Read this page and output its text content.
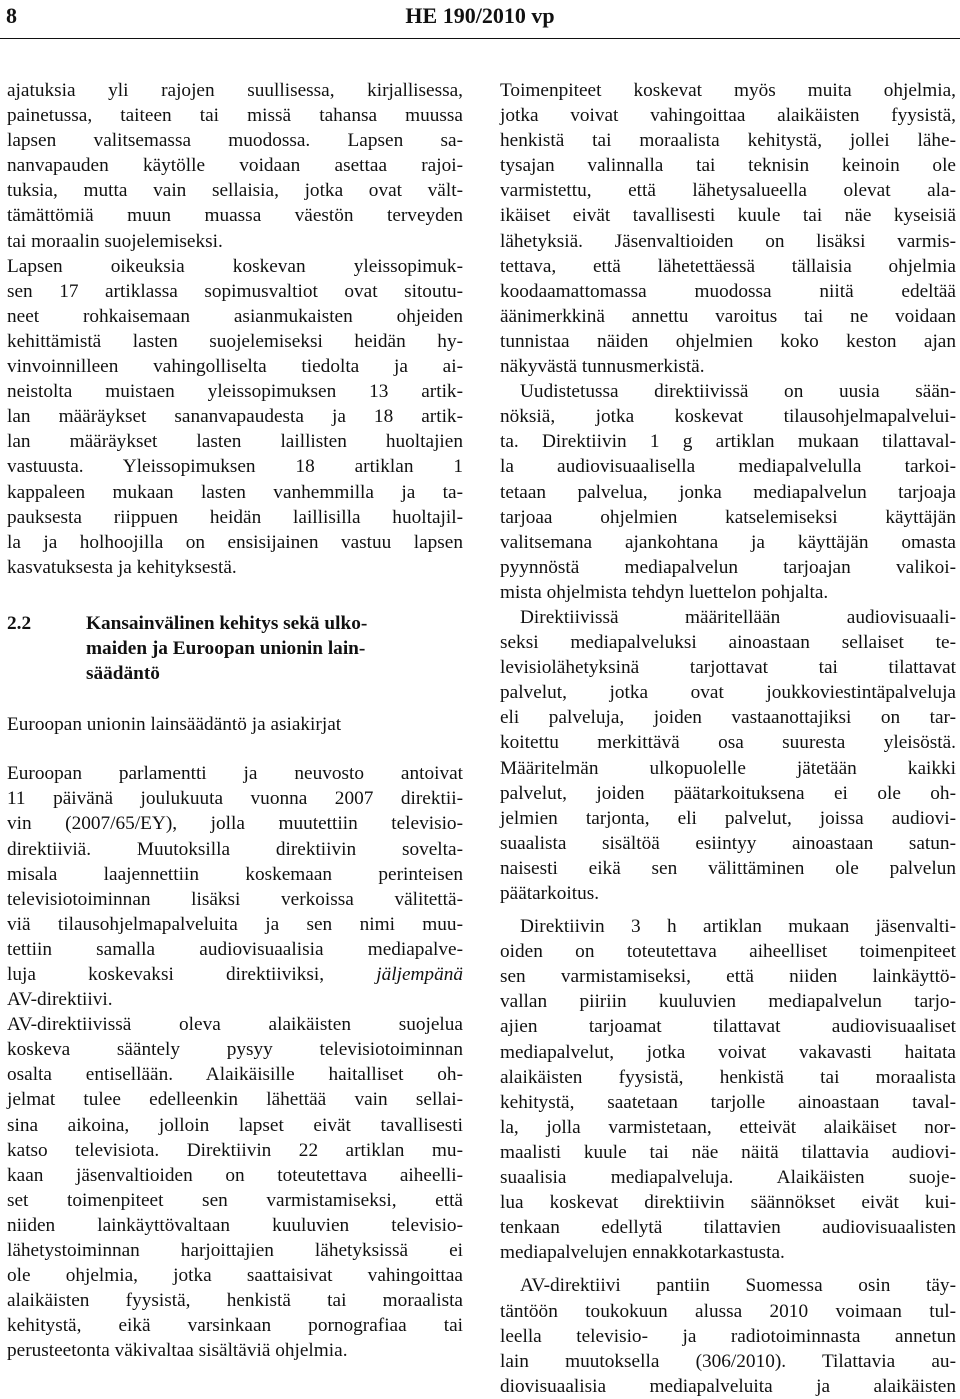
8	HE 190/2010 vp

ajatuksia yli rajojen suullisessa, kirjallisessa,
painetussa, taiteen tai missä tahansa muussa
lapsen valitsemassa muodossa. Lapsen sa-
nanvapauden käytölle voidaan asettaa rajoi-
tuksia, mutta vain sellaisia, jotka ovat vält-
tämättömiä muun muassa väestön terveyden
tai moraalin suojelemiseksi.

Lapsen oikeuksia koskevan yleissopimuk-
sen 17 artiklassa sopimusvaltiot ovat sitoutu-
neet rohkaisemaan asianmukaisten ohjeiden
kehittämistä lasten suojelemiseksi heidän hy-
vinvoinnilleen vahingolliselta tiedolta ja ai-
neistolta muistaen yleissopimuksen 13 artik-
lan määräykset sananvapaudesta ja 18 artik-
lan määräykset lasten laillisten huoltajien
vastuusta. Yleissopimuksen 18 artiklan 1
kappaleen mukaan lasten vanhemmilla ja ta-
pauksesta riippuen heidän laillisilla huoltajil-
la ja holhoojilla on ensisijainen vastuu lapsen
kasvatuksesta ja kehityksestä.

2.2	Kansainvälinen kehitys sekä ulko-
maiden ja Euroopan unionin lain-
säädäntö
Euroopan unionin lainsäädäntö ja asiakirjat

Euroopan parlamentti ja neuvosto antoivat
11 päivänä joulukuuta vuonna 2007 direktii-
vin (2007/65/EY), jolla muutettiin televisio-
direktiiviä. Muutoksilla direktiivin soveltа-
misala laajennettiin koskemaan perinteisen
televisiotoiminnan lisäksi verkoissa välitettä-
viä tilausohjelmapalveluita ja sen nimi muu-
tettiin samalla audiovisuaalisia mediapalve-
luja koskevaksi direktiiviksi,	jäljempänä
AV-direktiivi.

AV-direktiivissä oleva alaikäisten suojelua
koskeva sääntely pysyy televisiotoiminnan
osalta entisellään. Alaikäisille haitalliset oh-
jelmat tulee edelleenkin lähettää vain sellai-
sina aikoina, jolloin lapset eivät tavallisesti
katso televisiota. Direktiivin 22 artiklan mu-
kaan jäsenvaltioiden on toteutettava aiheelli-
set toimenpiteet sen varmistamiseksi, että
niiden lainkäyttövaltaan kuuluvien televisio-
lähetystoiminnan harjoittajien lähetyksissä ei
ole ohjelmia, jotka saattaisivat vahingoittaa
alaikäisten fyysistä, henkistä tai moraalista
kehitystä, eikä varsinkaan pornografiaa tai
perusteetonta väkivaltaa sisältäviä ohjelmia.

Toimenpiteet koskevat myös muita ohjelmia,
jotka voivat vahingoittaa alaikäisten fyysistä,
henkistä tai moraalista kehitystä, jollei lähe-
tysajan valinnalla tai teknisin keinoin ole
varmistettu, että lähetysalueella olevat ala-
ikäiset eivät tavallisesti kuule tai näe kyseisiä
lähetyksiä. Jäsenvaltioiden on lisäksi varmis-
tettava, että lähetettäessä tällaisia ohjelmia
koodaamattomassa muodossa niitä edeltää
äänimerkkinä annettu varoitus tai ne voidaan
tunnistaa näiden ohjelmien koko keston ajan
näkyvästä tunnusmerkistä.

Uudistetussa direktiivissä on uusia sään-
nöksiä, jotka koskevat tilausohjelmapalvelui-
ta. Direktiivin 1 g artiklan mukaan tilattaval-
la audiovisuaalisella mediapalvelulla tarkoi-
tetaan palvelua, jonka mediapalvelun tarjoaja
tarjoaa ohjelmien katselemiseksi käyttäjän
valitsemana ajankohtana ja käyttäjän omasta
pyynnöstä mediapalvelun tarjoajan valikoi-
mista ohjelmista tehdyn luettelon pohjalta.

Direktiivissä määritellään audiovisuaali-
seksi mediapalveluksi ainoastaan sellaiset te-
levisiolähetyksinä tarjottavat tai tilattavat
palvelut, jotka ovat joukkoviestintäpalveluja
eli palveluja, joiden vastaanottajiksi on tar-
koitettu merkittävä osa suuresta yleisöstä.
Määritelmän ulkopuolelle jätetään kaikki
palvelut, joiden päätarkoituksena ei ole oh-
jelmien tarjonta, eli palvelut, joissa audiovi-
suaalista sisältöä esiintyy ainoastaan satun-
naisesti eikä sen välittäminen ole palvelun
päätarkoitus.

Direktiivin 3 h artiklan mukaan jäsenvalti-
oiden on toteutettava aiheelliset toimenpiteet
sen varmistamiseksi, että niiden lainkäyttö-
vallan piiriin kuuluvien mediapalvelun tarjo-
ajien tarjoamat tilattavat audiovisuaaliset
mediapalvelut, jotka voivat vakavasti haitata
alaikäisten fyysistä, henkistä tai moraalista
kehitystä, saatetaan tarjolle ainoastaan taval-
la, jolla varmistetaan, etteivät alaikäiset nor-
maalisti kuule tai näe näitä tilattavia audiovi-
suaalisia mediapalveluja. Alaikäisten suoje-
lua koskevat direktiivin säännökset eivät kui-
tenkaan edellytä tilattavien audiovisuaalisten
mediapalvelujen ennakkotarkastusta.

AV-direktiivi pantiin Suomessa osin täy-
täntöön toukokuun alussa 2010 voimaan tul-
leella televisio- ja radiotoiminnasta annetun
lain muutoksella (306/2010). Tilattavia au-
diovisuaalisia mediapalveluita ja alaikäisten
